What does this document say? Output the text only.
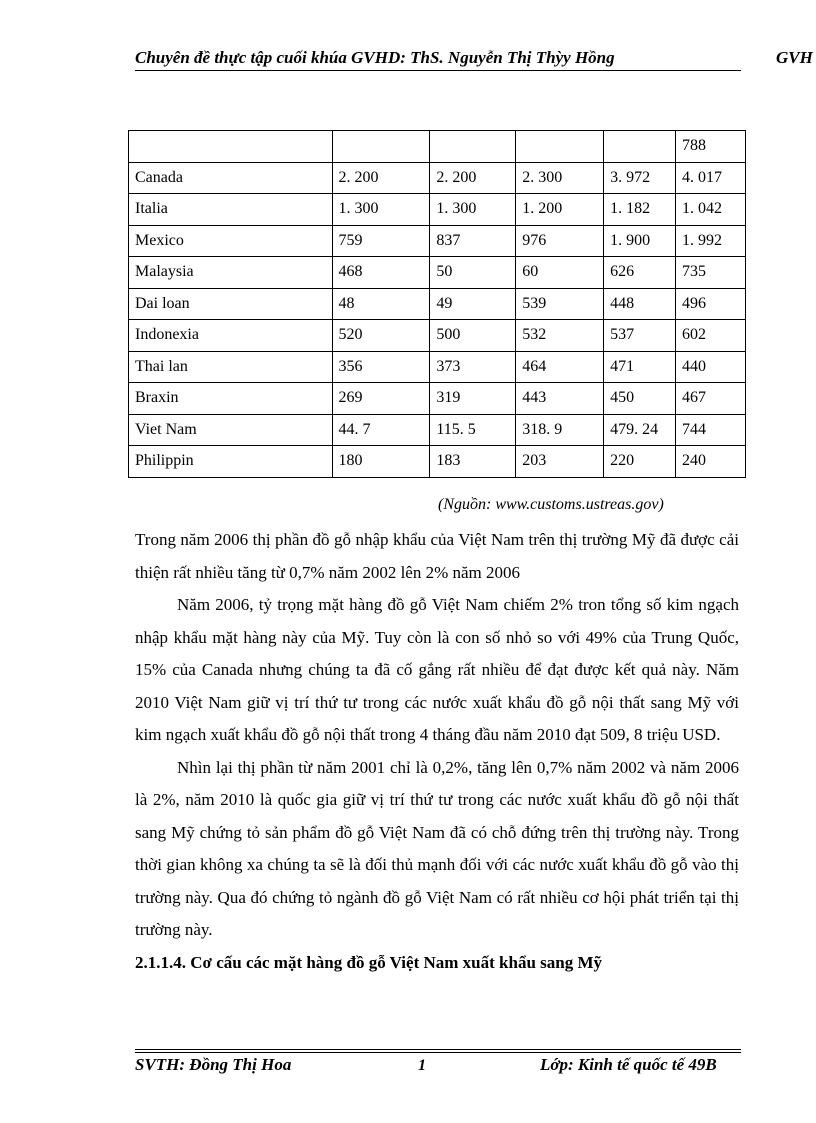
Chuyên đề thực tập cuối khúa GVHD: ThS. Nguyễn Thị Thỳy Hồng	GVH
					788
Canada	2. 200	2. 200	2. 300	3. 972	4. 017
Italia	1. 300	1. 300	1. 200	1. 182	1. 042
Mexico	759	837	976	1. 900	1. 992
Malaysia	468	50	60	626	735
Dai loan	48	49	539	448	496
Indonexia	520	500	532	537	602
Thai lan	356	373	464	471	440
Braxin	269	319	443	450	467
Viet Nam	44. 7	115. 5	318. 9	479. 24	744
Philippin	180	183	203	220	240
(Nguồn: www.customs.ustreas.gov)

Trong năm 2006 thị phần đồ gỗ nhập khẩu của Việt Nam trên thị trường Mỹ đã được cải thiện rất nhiều tăng từ 0,7% năm 2002 lên 2% năm 2006

Năm 2006, tỷ trọng mặt hàng đồ gỗ Việt Nam chiếm 2% tron tổng số kim ngạch nhập khẩu mặt hàng này của Mỹ. Tuy còn là con số nhỏ so với 49% của Trung Quốc, 15% của Canada nhưng chúng ta đã cố gắng rất nhiều để đạt được kết quả này. Năm 2010 Việt Nam giữ vị trí thứ tư trong các nước xuất khẩu đồ gỗ nội thất sang Mỹ với kim ngạch xuất khẩu đồ gỗ nội thất trong 4 tháng đầu năm 2010 đạt 509, 8 triệu USD.

Nhìn lại thị phần từ năm 2001 chỉ là 0,2%, tăng lên 0,7% năm 2002 và năm 2006 là 2%, năm 2010 là quốc gia giữ vị trí thứ tư trong các nước xuất khẩu đồ gỗ nội thất sang Mỹ chứng tỏ sản phẩm đồ gỗ Việt Nam đã có chỗ đứng trên thị trường này. Trong thời gian không xa chúng ta sẽ là đối thủ mạnh đối với các nước xuất khẩu đồ gỗ vào thị trường này. Qua đó chứng tỏ ngành đồ gỗ Việt Nam có rất nhiều cơ hội phát triển tại thị trường này.

2.1.1.4. Cơ cấu các mặt hàng đồ gỗ Việt Nam xuất khẩu sang Mỹ

SVTH: Đồng Thị Hoa	1	Lớp: Kinh tế quốc tế 49B
